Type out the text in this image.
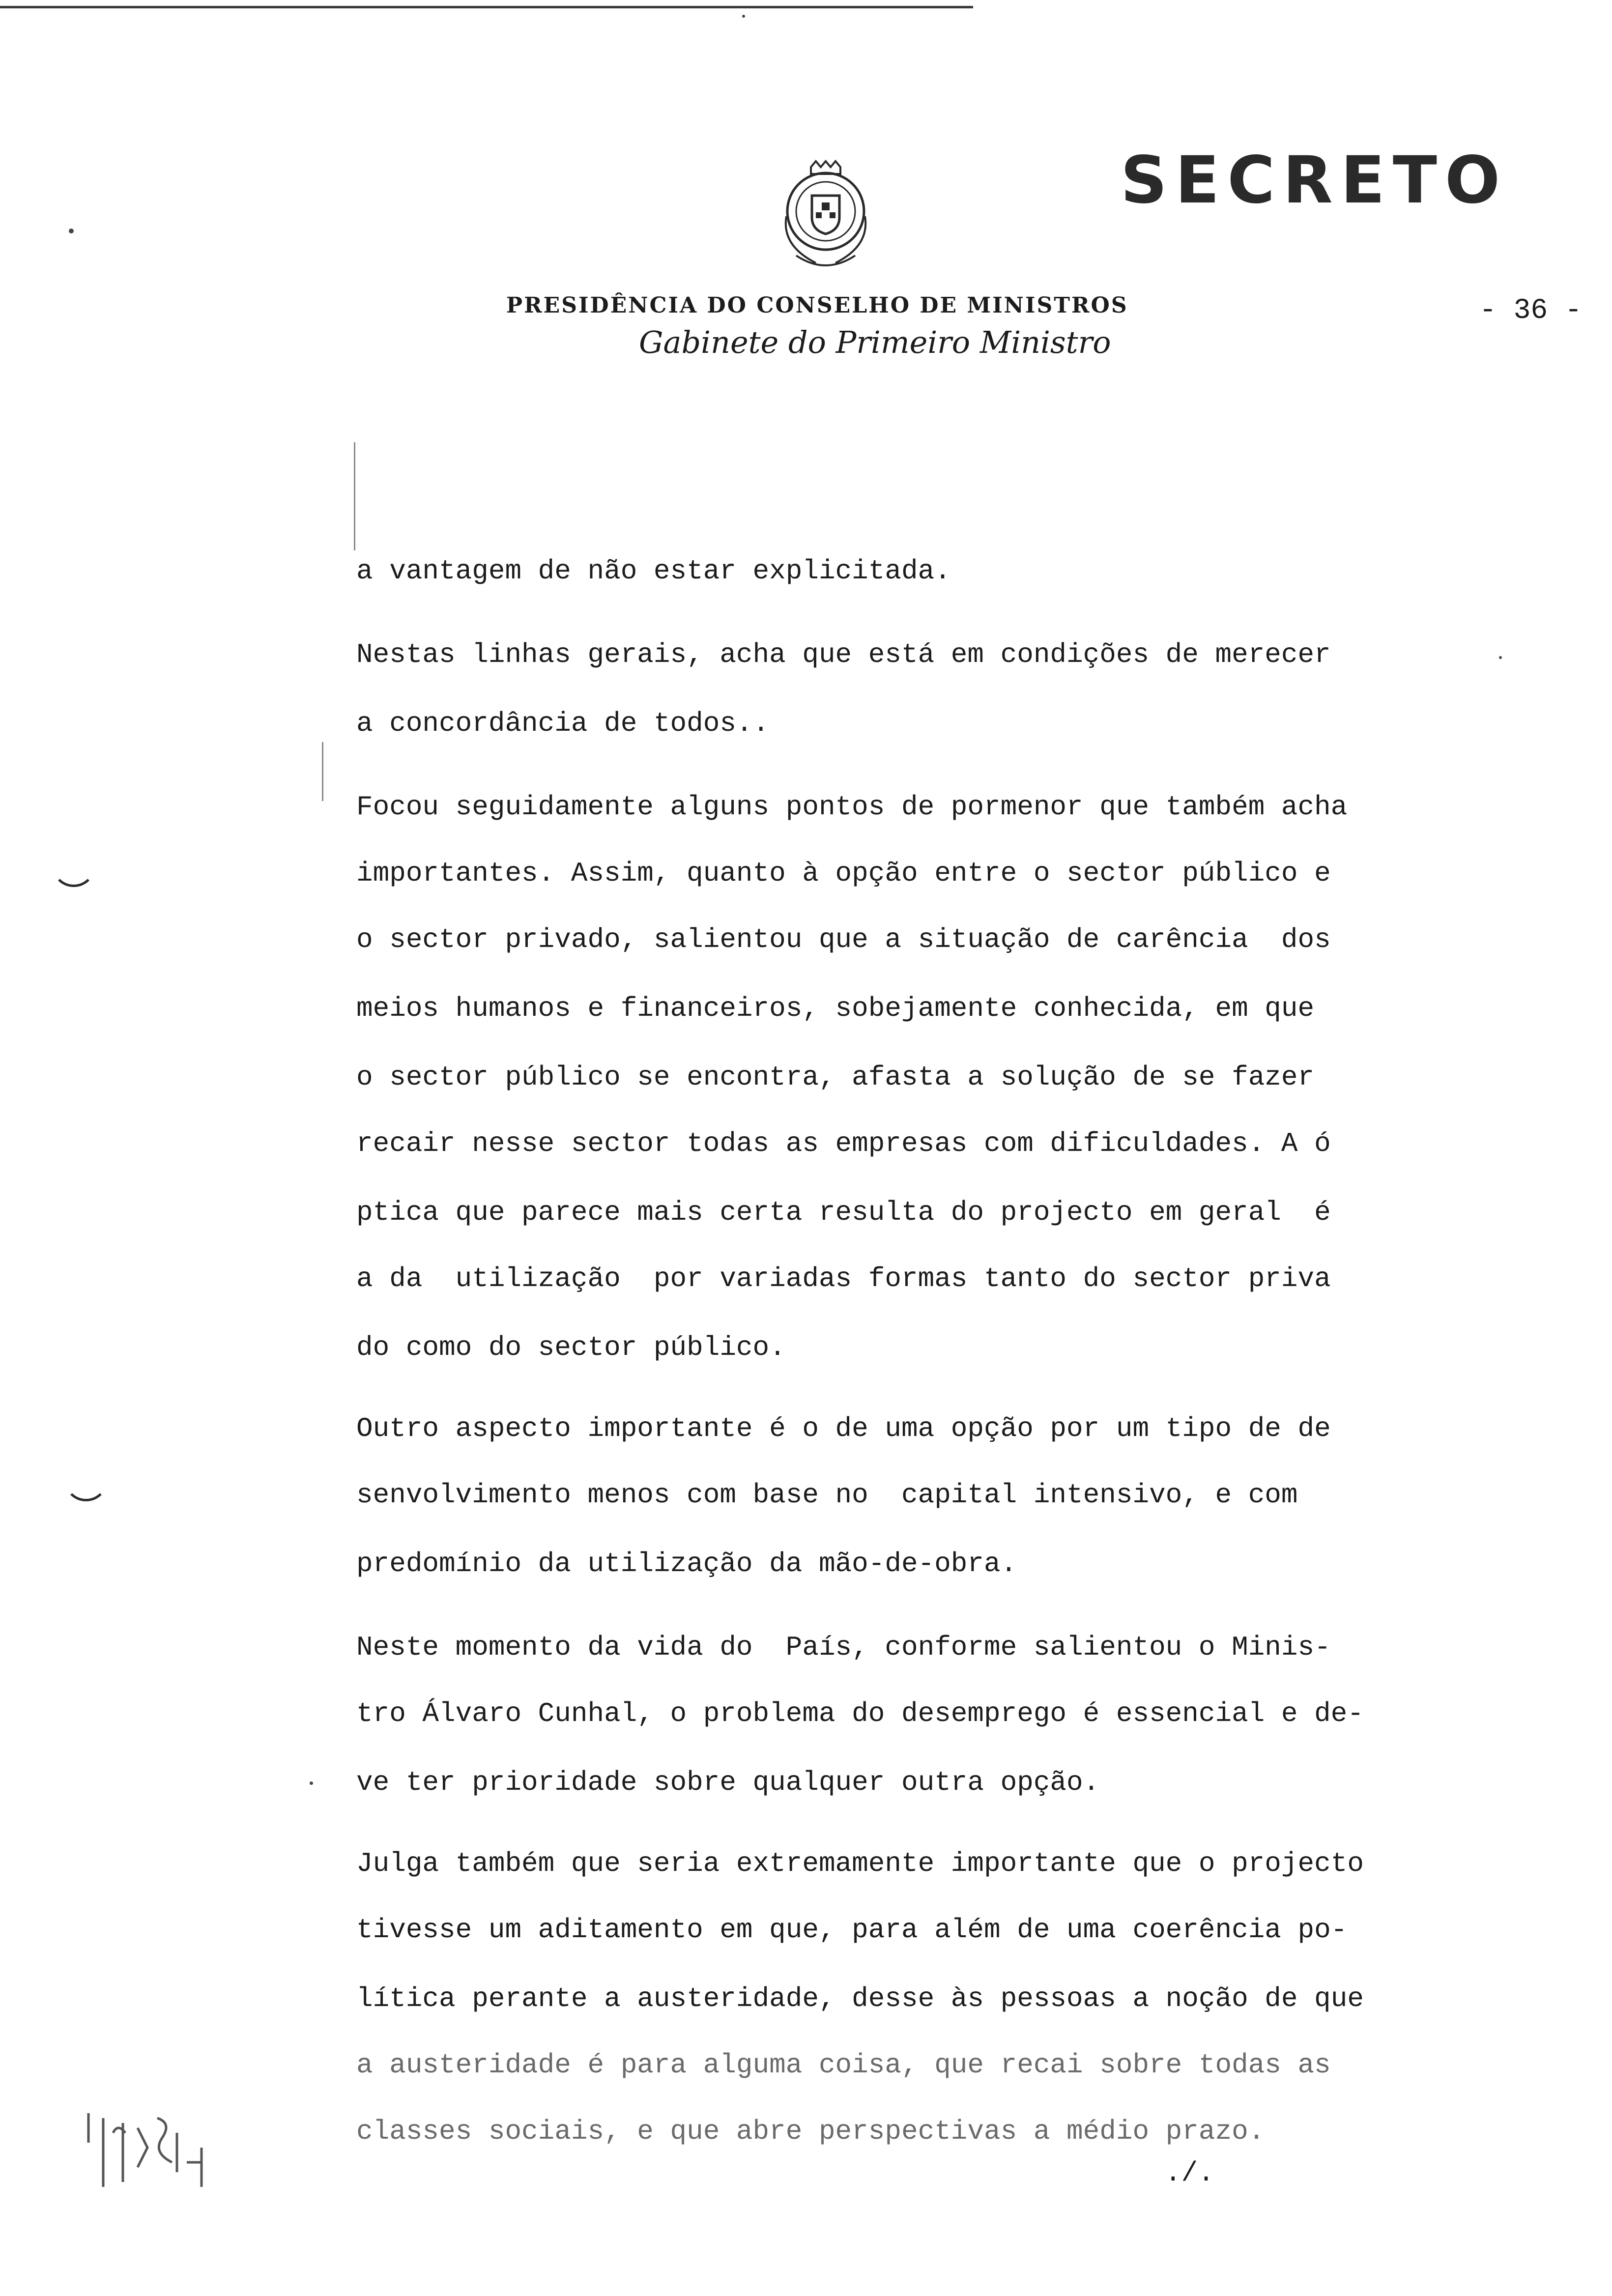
SECRETO
PRESIDÊNCIA DO CONSELHO DE MINISTROS
Gabinete do Primeiro Ministro
- 36 -
a vantagem de não estar explicitada.
Nestas linhas gerais, acha que está em condições de merecer
a concordância de todos..
Focou seguidamente alguns pontos de pormenor que também acha
importantes. Assim, quanto à opção entre o sector público e
o sector privado, salientou que a situação de carência  dos
meios humanos e financeiros, sobejamente conhecida, em que
o sector público se encontra, afasta a solução de se fazer
recair nesse sector todas as empresas com dificuldades. A ó
ptica que parece mais certa resulta do projecto em geral  é
a da  utilização  por variadas formas tanto do sector priva
do como do sector público.
Outro aspecto importante é o de uma opção por um tipo de de
senvolvimento menos com base no  capital intensivo, e com
predomínio da utilização da mão-de-obra.
Neste momento da vida do  País, conforme salientou o Minis-
tro Álvaro Cunhal, o problema do desemprego é essencial e de-
ve ter prioridade sobre qualquer outra opção.
Julga também que seria extremamente importante que o projecto
tivesse um aditamento em que, para além de uma coerência po-
lítica perante a austeridade, desse às pessoas a noção de que
a austeridade é para alguma coisa, que recai sobre todas as
classes sociais, e que abre perspectivas a médio prazo.
./.
